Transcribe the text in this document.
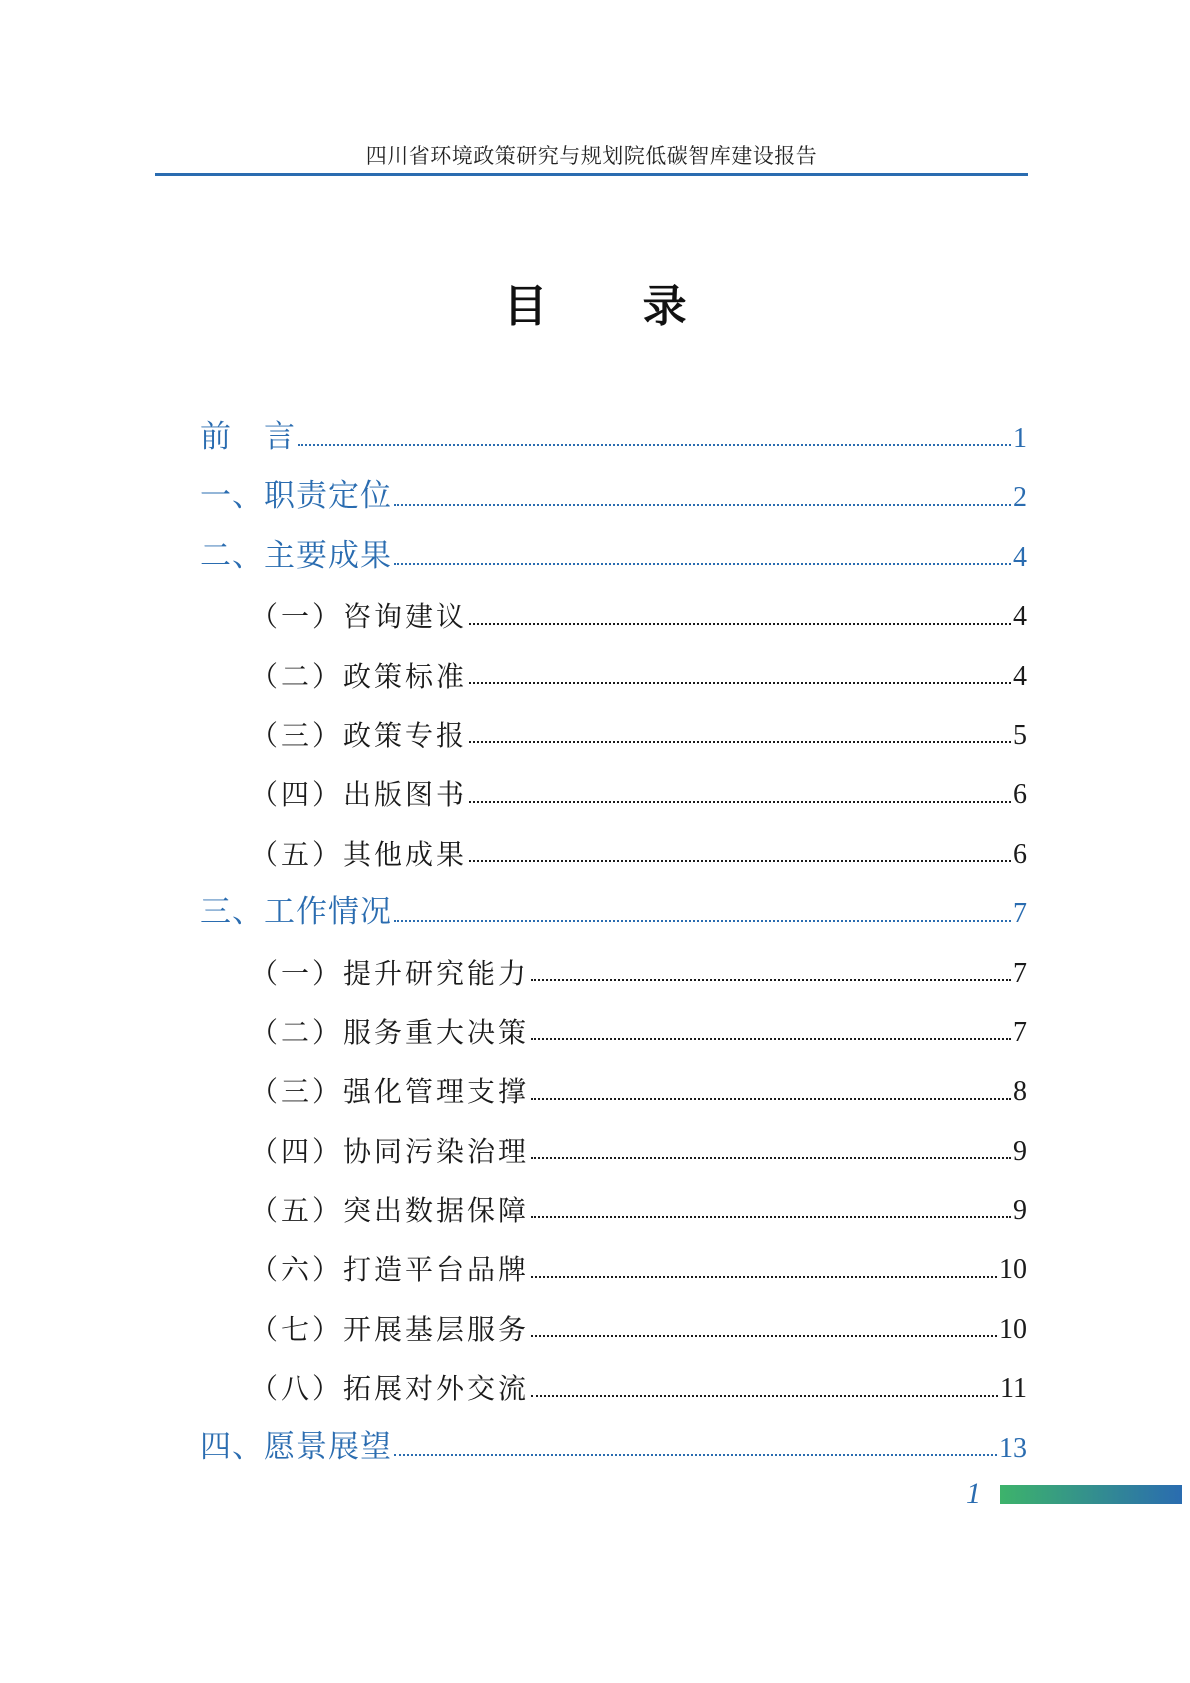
四川省环境政策研究与规划院低碳智库建设报告
目 录
前　言	1
一、职责定位	2
二、主要成果	4
（一）咨询建议	4
（二）政策标准	4
（三）政策专报	5
（四）出版图书	6
（五）其他成果	6
三、工作情况	7
（一）提升研究能力	7
（二）服务重大决策	7
（三）强化管理支撑	8
（四）协同污染治理	9
（五）突出数据保障	9
（六）打造平台品牌	10
（七）开展基层服务	10
（八）拓展对外交流	11
四、愿景展望	13
1
